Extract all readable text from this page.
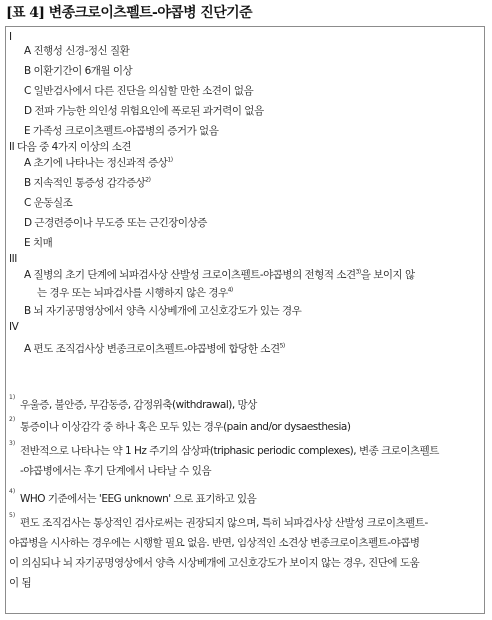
[표 4] 변종크로이츠펠트-야콥병 진단기준
I
A 진행성 신경-정신 질환
B 이환기간이 6개월 이상
C 일반검사에서 다른 진단을 의심할 만한 소견이 없음
D 전파 가능한 의인성 위험요인에 폭로된 과거력이 없음
E 가족성 크로이츠펠트-야콥병의 증거가 없음
II 다음 중 4가지 이상의 소견
A 초기에 나타나는 정신과적 증상$^{1)}$
B 지속적인 통증성 감각증상$^{2)}$
C 운동실조
D 근경련증이나 무도증 또는 근긴장이상증
E 치매
III
A 질병의 초기 단계에 뇌파검사상 산발성 크로이츠펠트-야콥병의 전형적 소견$^{3)}$을 보이지 않
는 경우 또는 뇌파검사를 시행하지 않은 경우$^{4)}$
B 뇌 자기공명영상에서 양측 시상베개에 고신호강도가 있는 경우
IV
A 편도 조직검사상 변종크로이츠펠트-야콥병에 합당한 소견$^{5)}$
1)
우울증, 불안증, 무감동증, 감정위축(withdrawal), 망상
2)
통증이나 이상감각 중 하나 혹은 모두 있는 경우(pain and/or dysaesthesia)
3)
전반적으로 나타나는 약 1 Hz 주기의 삼상파(triphasic periodic complexes), 변종 크로이츠펠트
-야콥병에서는 후기 단계에서 나타날 수 있음
4)
WHO 기준에서는 'EEG unknown' 으로 표기하고 있음
5)
편도 조직검사는 통상적인 검사로써는 권장되지 않으며, 특히 뇌파검사상 산발성 크로이츠펠트-
야콥병을 시사하는 경우에는 시행할 필요 없음. 반면, 임상적인 소견상 변종크로이츠펠트-야콥병
이 의심되나 뇌 자기공명영상에서 양측 시상베개에 고신호강도가 보이지 않는 경우, 진단에 도움
이 됨
